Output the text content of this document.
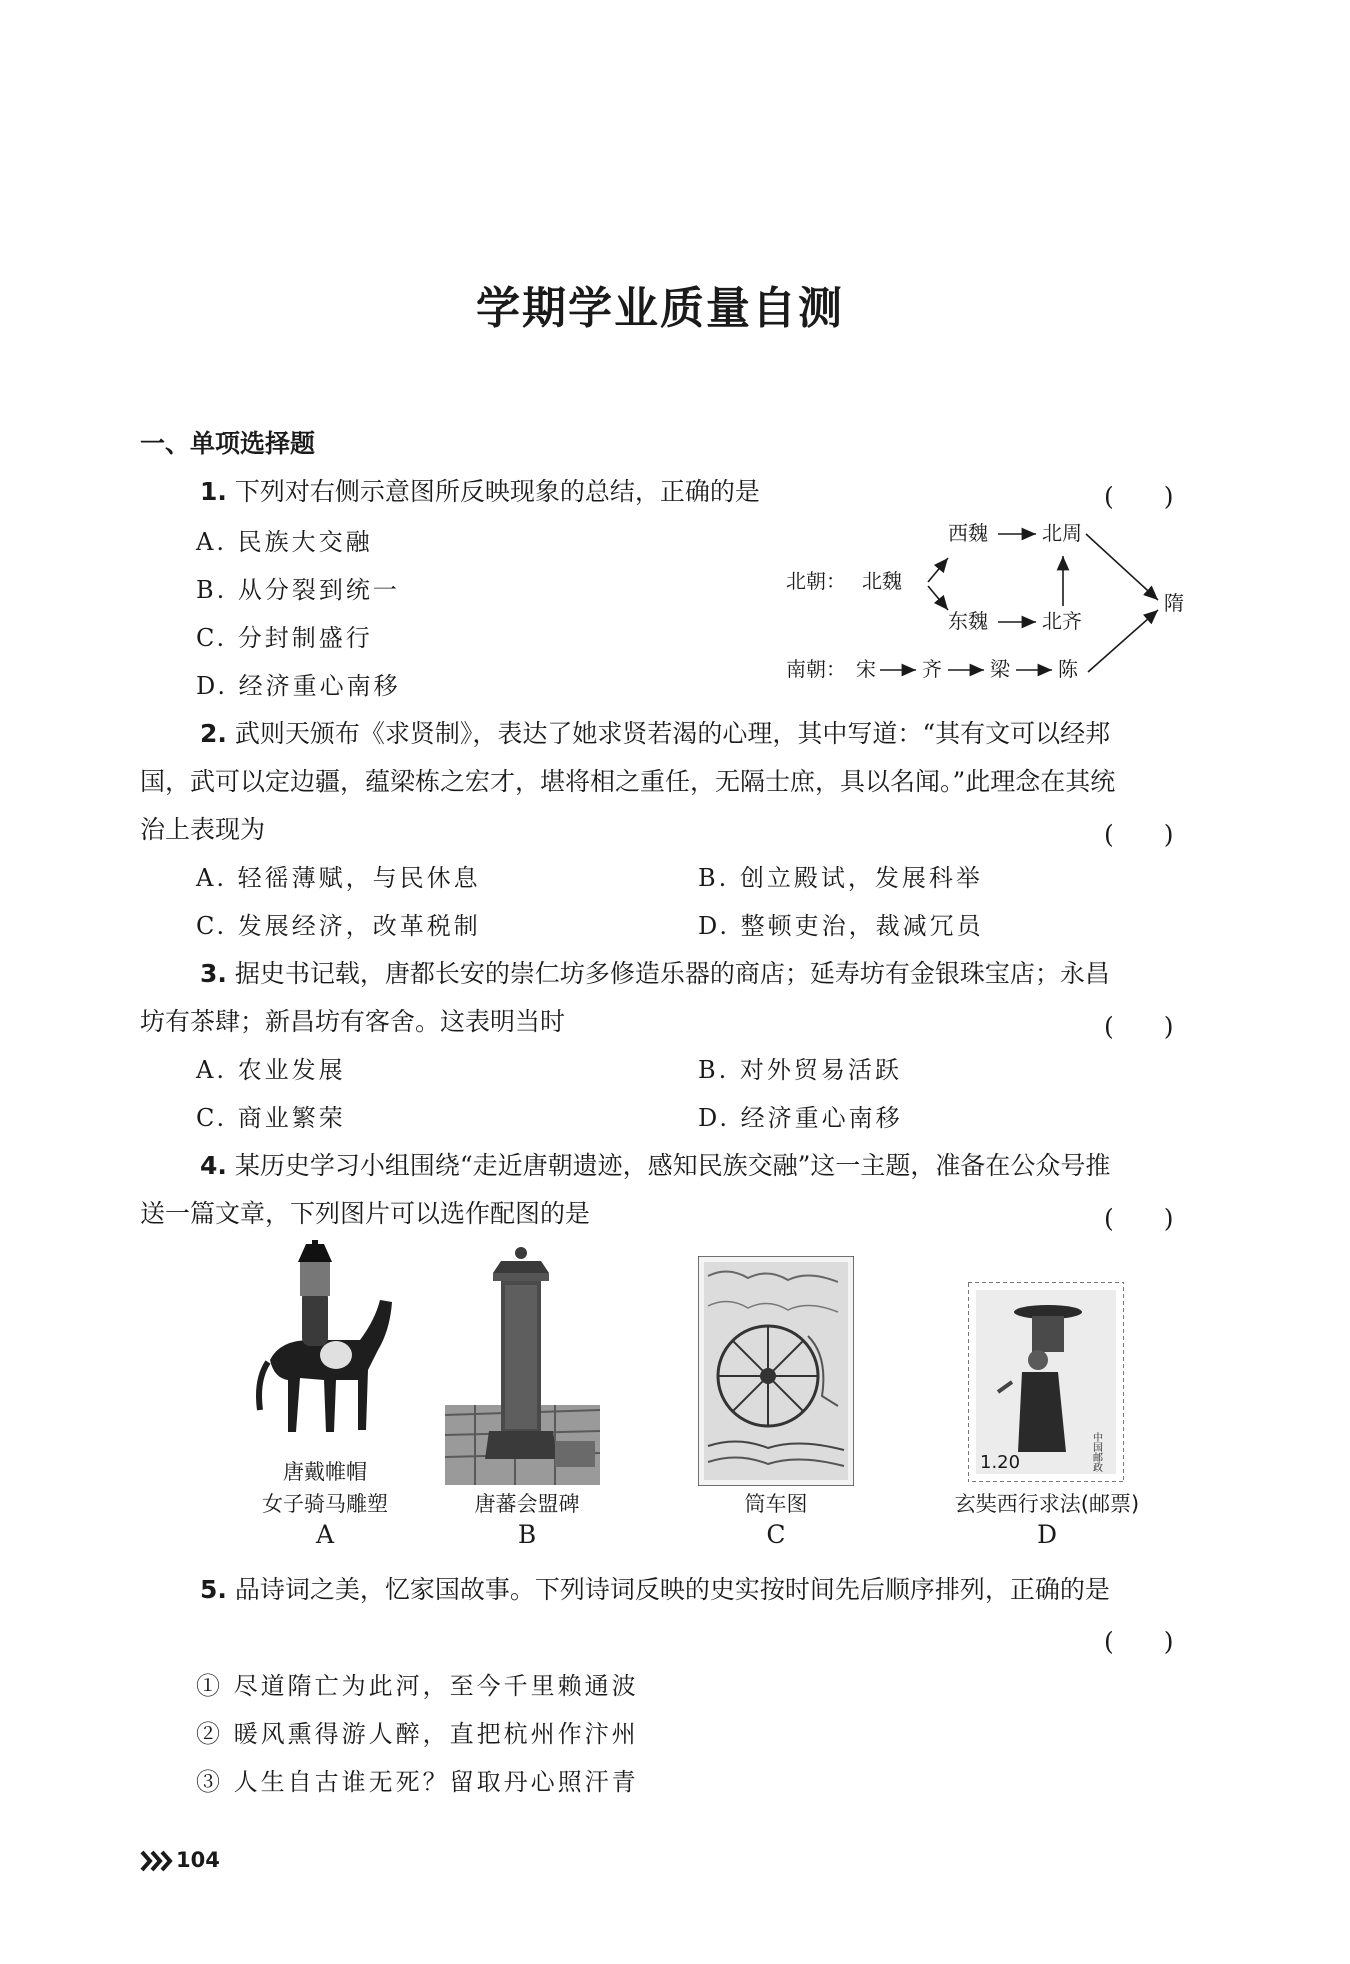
学期学业质量自测
一、单项选择题
1. 下列对右侧示意图所反映现象的总结，正确的是	(　　)
A. 民族大交融
B. 从分裂到统一
C. 分封制盛行
D. 经济重心南移
北朝： 北魏
西魏	北周
东魏	北齐
隋
南朝： 宋 齐 梁 陈
2. 武则天颁布《求贤制》，表达了她求贤若渴的心理，其中写道：“其有文可以经邦
国，武可以定边疆，蕴梁栋之宏才，堪将相之重任，无隔士庶，具以名闻。”此理念在其统
治上表现为	(　　)
A. 轻徭薄赋，与民休息	B. 创立殿试，发展科举
C. 发展经济，改革税制	D. 整顿吏治，裁减冗员
3. 据史书记载，唐都长安的崇仁坊多修造乐器的商店；延寿坊有金银珠宝店；永昌
坊有茶肆；新昌坊有客舍。这表明当时	(　　)
A. 农业发展	B. 对外贸易活跃
C. 商业繁荣	D. 经济重心南移
4. 某历史学习小组围绕“走近唐朝遗迹，感知民族交融”这一主题，准备在公众号推
送一篇文章，下列图片可以选作配图的是	(　　)
1.20	中国邮政
唐戴帷帽
女子骑马雕塑	唐蕃会盟碑	筒车图	玄奘西行求法(邮票)
A	B	C	D
5. 品诗词之美，忆家国故事。下列诗词反映的史实按时间先后顺序排列，正确的是
(　　)
① 尽道隋亡为此河，至今千里赖通波
② 暖风熏得游人醉，直把杭州作汴州
③ 人生自古谁无死？留取丹心照汗青
104
